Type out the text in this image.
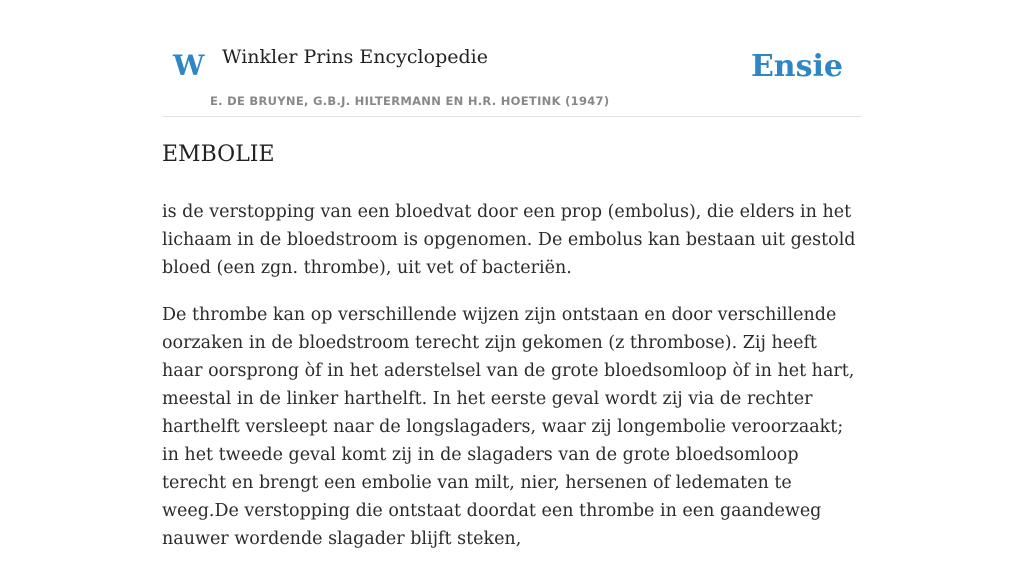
W Winkler Prins Encyclopedie
E. DE BRUYNE, G.B.J. HILTERMANN EN H.R. HOETINK (1947)
Ensie
EMBOLIE

is de verstopping van een bloedvat door een prop (embolus), die elders in het lichaam in de bloedstroom is opgenomen. De embolus kan bestaan uit gestold bloed (een zgn. thrombe), uit vet of bacteriën.

De thrombe kan op verschillende wijzen zijn ontstaan en door verschillende oorzaken in de bloedstroom terecht zijn gekomen (z thrombose). Zij heeft haar oorsprong òf in het aderstelsel van de grote bloedsomloop òf in het hart, meestal in de linker harthelft. In het eerste geval wordt zij via de rechter harthelft versleept naar de longslagaders, waar zij longembolie veroorzaakt; in het tweede geval komt zij in de slagaders van de grote bloedsomloop terecht en brengt een embolie van milt, nier, hersenen of ledematen te weeg.De verstopping die ontstaat doordat een thrombe in een gaandeweg nauwer wordende slagader blijft steken,
